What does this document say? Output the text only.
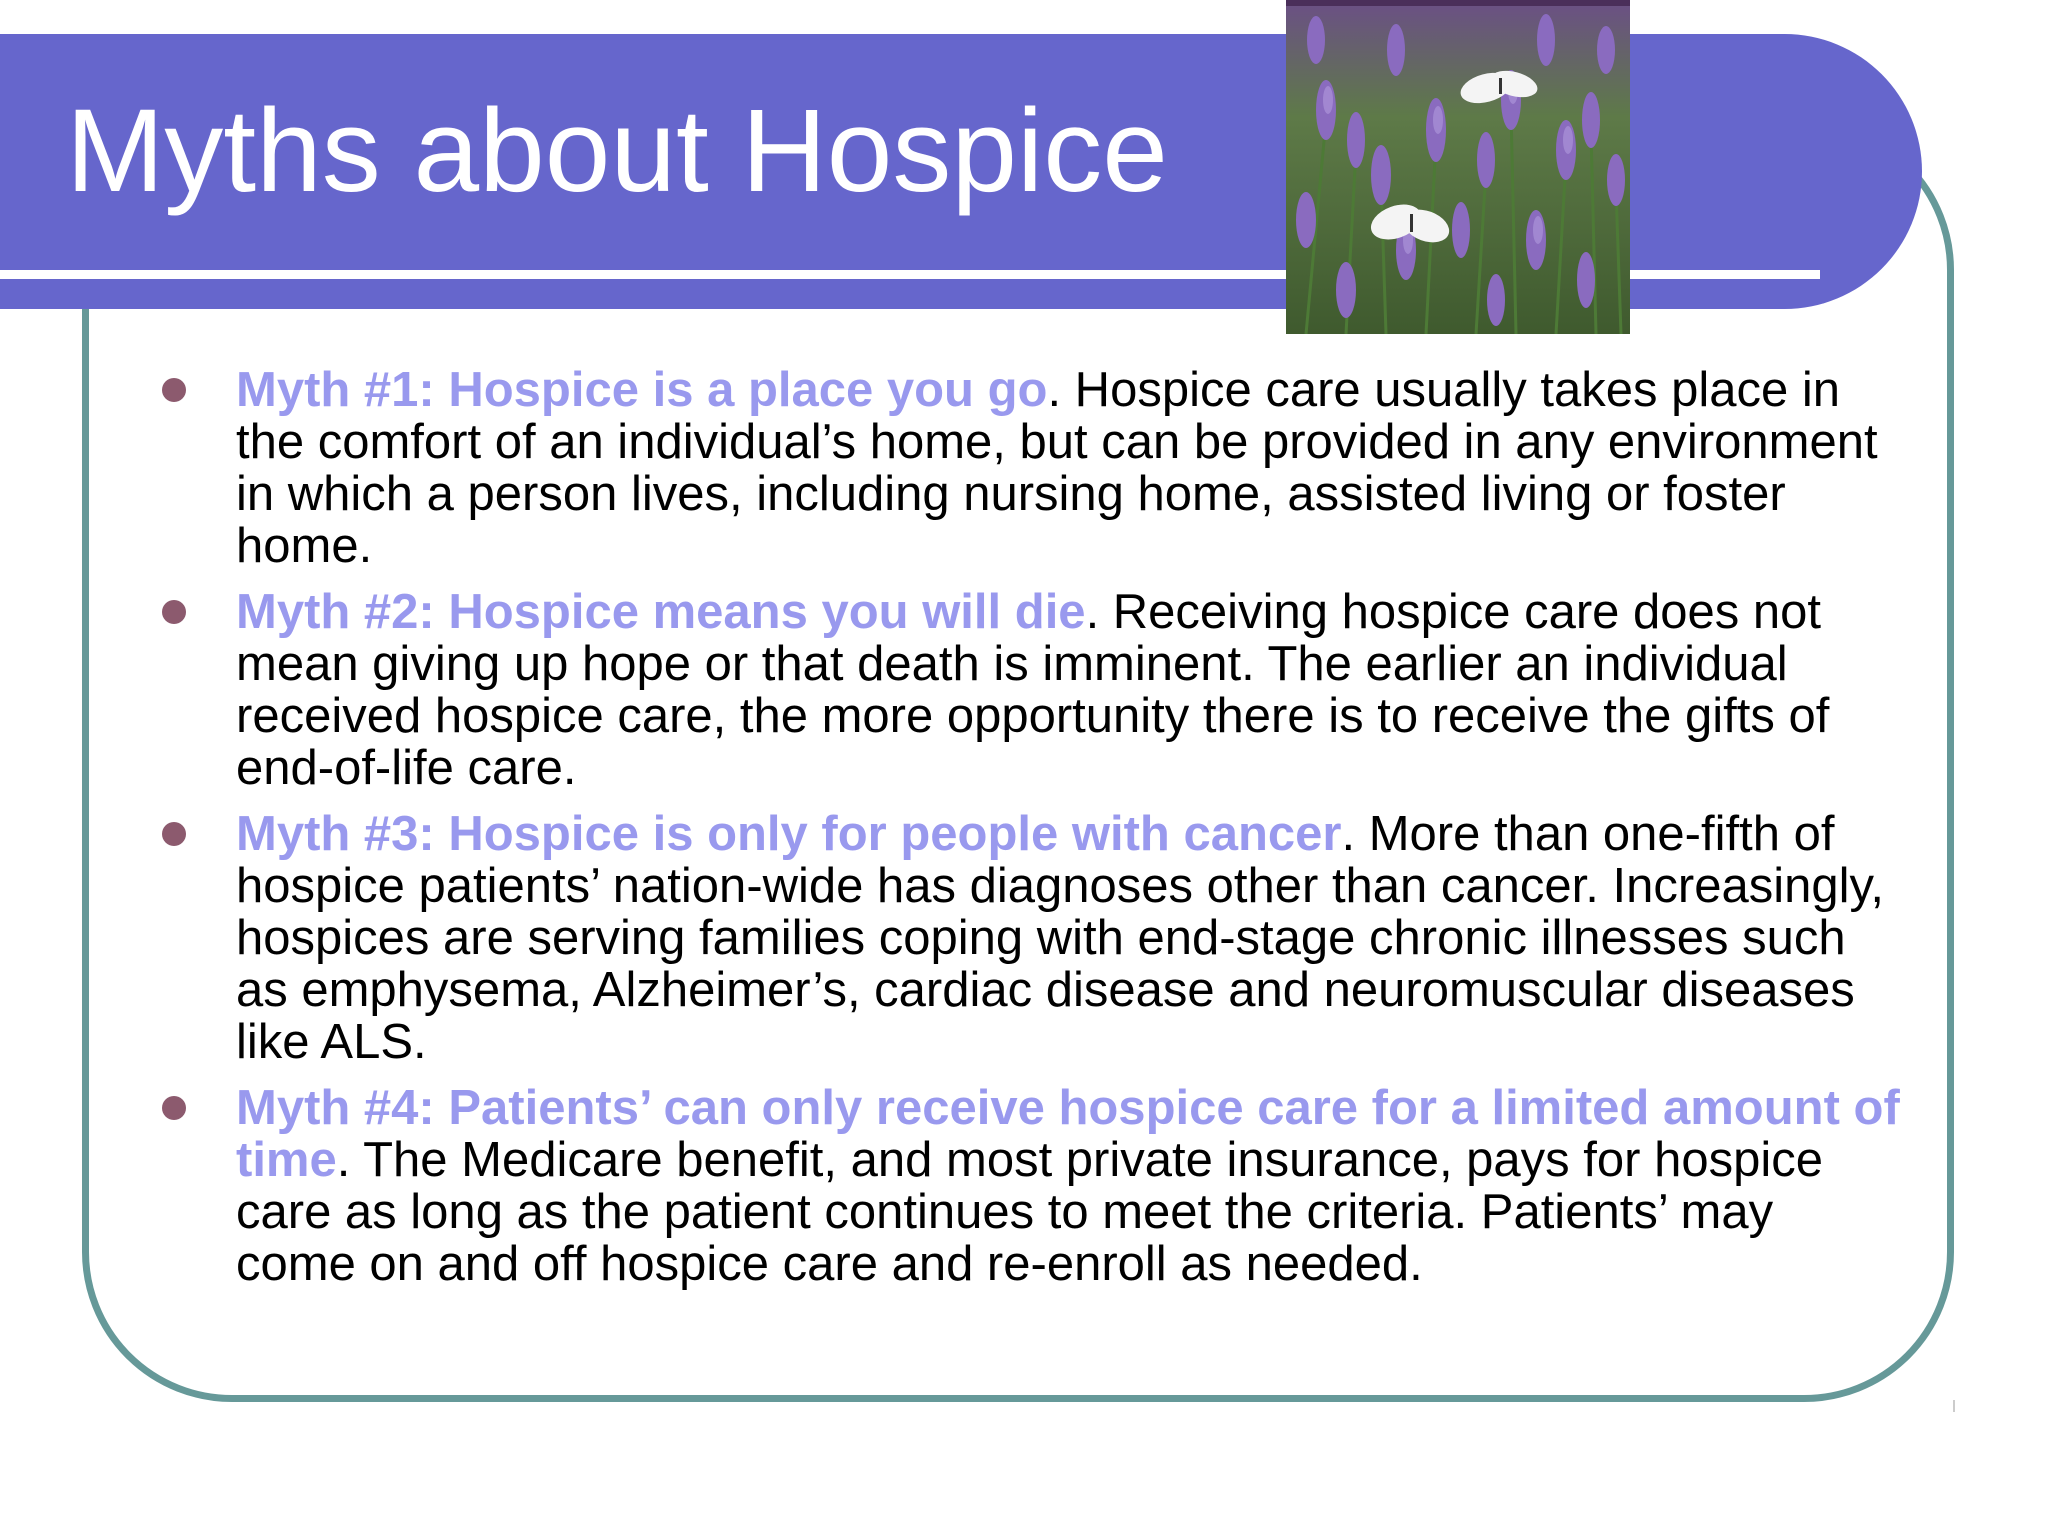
Myths about Hospice
Myth #1: Hospice is a place you go. Hospice care usually takes place in the comfort of an individual’s home, but can be provided in any environment in which a person lives, including nursing home, assisted living or foster home.
Myth #2: Hospice means you will die. Receiving hospice care does not mean giving up hope or that death is imminent. The earlier an individual received hospice care, the more opportunity there is to receive the gifts of end-of-life care.
Myth #3: Hospice is only for people with cancer. More than one-fifth of hospice patients’ nation-wide has diagnoses other than cancer. Increasingly, hospices are serving families coping with end-stage chronic illnesses such as emphysema, Alzheimer’s, cardiac disease and neuromuscular diseases like ALS.
Myth #4: Patients’ can only receive hospice care for a limited amount of time. The Medicare benefit, and most private insurance, pays for hospice care as long as the patient continues to meet the criteria. Patients’ may come on and off hospice care and re-enroll as needed.
